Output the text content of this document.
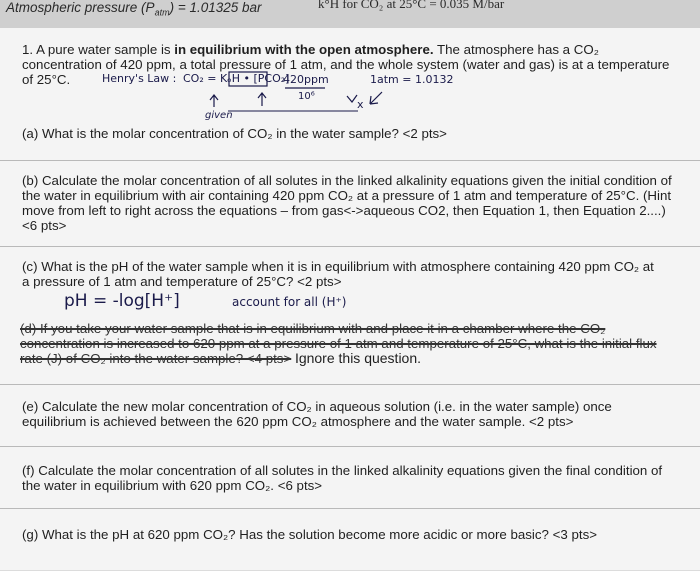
Atmospheric pressure $(P_{atm}) = 1.01325$ bar	k°H for CO₂ at 25°C = 0.035 M/bar
1. A pure water sample is in equilibrium with the open atmosphere. The atmosphere has a CO₂
concentration of 420 ppm, a total pressure of 1 atm, and the whole system (water and gas) is at a temperature
of 25°C.	Henry's Law : CO₂ = KₒH • [PCO₂]
420ppm	1atm = 1.0132
10⁶
x
given
(a) What is the molar concentration of CO₂ in the water sample? <2 pts>
(b) Calculate the molar concentration of all solutes in the linked alkalinity equations given the initial condition of
the water in equilibrium with air containing 420 ppm CO₂ at a pressure of 1 atm and temperature of 25°C. (Hint
move from left to right across the equations – from gas<->aqueous CO2, then Equation 1, then Equation 2....)
<6 pts>
(c) What is the pH of the water sample when it is in equilibrium with atmosphere containing 420 ppm CO₂ at
a pressure of 1 atm and temperature of 25°C? <2 pts>
pH = -log[H⁺]	account for all (H⁺)
(d) If you take your water sample that is in equilibrium with and place it in a chamber where the CO₂
concentration is increased to 620 ppm at a pressure of 1 atm and temperature of 25°C, what is the initial flux
rate (J) of CO₂ into the water sample? <4 pts> Ignore this question.
(e) Calculate the new molar concentration of CO₂ in aqueous solution (i.e. in the water sample) once
equilibrium is achieved between the 620 ppm CO₂ atmosphere and the water sample. <2 pts>
(f) Calculate the molar concentration of all solutes in the linked alkalinity equations given the final condition of
the water in equilibrium with 620 ppm CO₂. <6 pts>
(g) What is the pH at 620 ppm CO₂? Has the solution become more acidic or more basic? <3 pts>
